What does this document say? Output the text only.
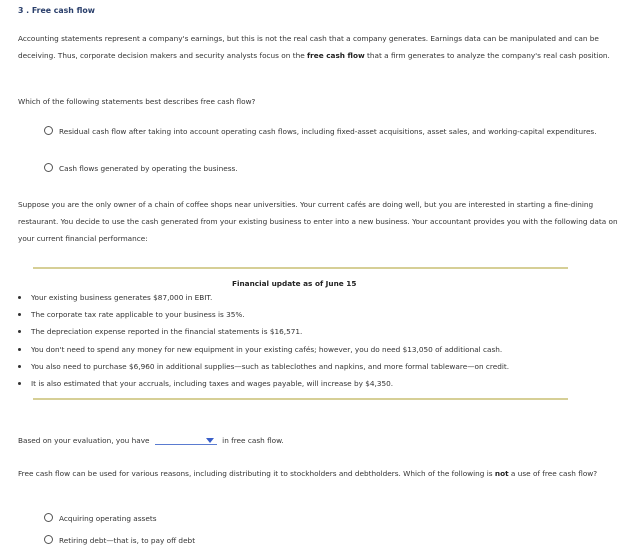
3 . Free cash flow
Accounting statements represent a company's earnings, but this is not the real cash that a company generates. Earnings data can be manipulated and can be deceiving. Thus, corporate decision makers and security analysts focus on the free cash flow that a firm generates to analyze the company's real cash position.
Which of the following statements best describes free cash flow?
Residual cash flow after taking into account operating cash flows, including fixed-asset acquisitions, asset sales, and working-capital expenditures.
Cash flows generated by operating the business.
Suppose you are the only owner of a chain of coffee shops near universities. Your current cafés are doing well, but you are interested in starting a fine-dining restaurant. You decide to use the cash generated from your existing business to enter into a new business. Your accountant provides you with the following data on your current financial performance:
Financial update as of June 15
Your existing business generates $87,000 in EBIT.
The corporate tax rate applicable to your business is 35%.
The depreciation expense reported in the financial statements is $16,571.
You don't need to spend any money for new equipment in your existing cafés; however, you do need $13,050 of additional cash.
You also need to purchase $6,960 in additional supplies—such as tableclothes and napkins, and more formal tableware—on credit.
It is also estimated that your accruals, including taxes and wages payable, will increase by $4,350.
Based on your evaluation, you have	in free cash flow.
Free cash flow can be used for various reasons, including distributing it to stockholders and debtholders. Which of the following is not a use of free cash flow?
Acquiring operating assets
Retiring debt—that is, to pay off debt
